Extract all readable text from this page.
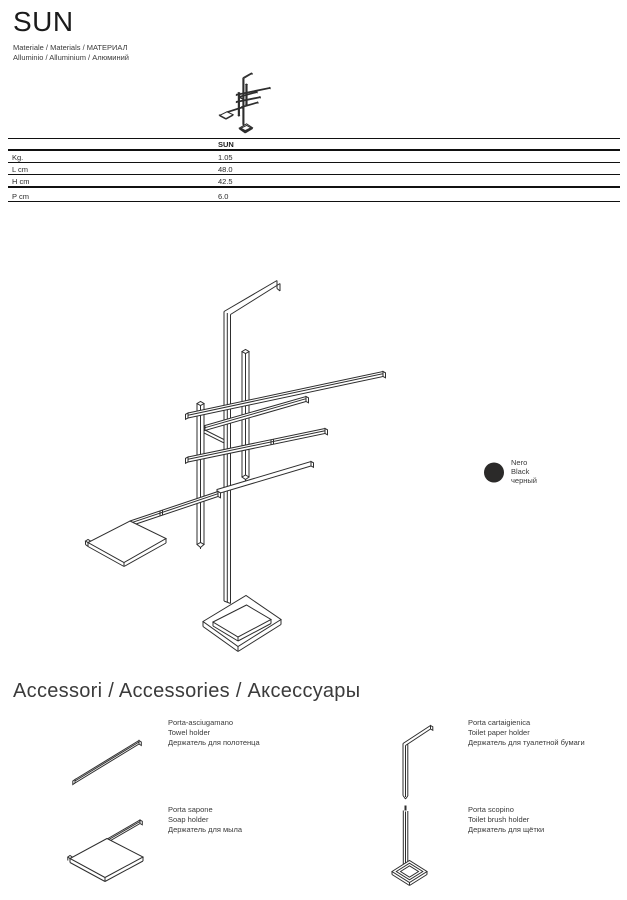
SUN
Materiale / Materials / МАТЕРИАЛ
Alluminio / Alluminium / Алюминий
SUN
Kg.	1.05
L cm	48.0
H cm	42.5
P cm	6.0
Nero
Black
черный
Accessori / Accessories / Аксессуары
Porta-asciugamano
Towel holder
Держатель для полотенца
Porta cartaigienica
Toilet paper holder
Держатель для туалетной бумаги
Porta sapone
Soap holder
Держатель для мыла
Porta scopino
Toilet brush holder
Держатель для щётки
